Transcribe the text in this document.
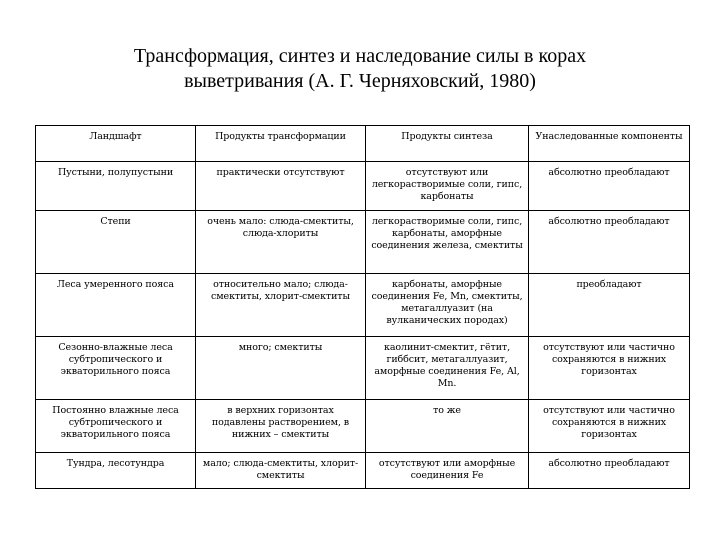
Трансформация, синтез и наследование силы в корах
выветривания (А. Г. Черняховский, 1980)
Ландшафт	Продукты трансформации	Продукты синтеза	Унаследованные компоненты
Пустыни, полупустыни	практически отсутствуют	отсутствуют или легкорастворимые соли, гипс, карбонаты	абсолютно преобладают
Степи	очень мало: слюда-смектиты, слюда-хлориты	легкорастворимые соли, гипс, карбонаты, аморфные соединения железа, смектиты	абсолютно преобладают
Леса умеренного пояса	относительно мало; слюда-смектиты, хлорит-смектиты	карбонаты, аморфные соединения Fe, Mn, смектиты, метагаллуазит (на вулканических породах)	преобладают
Сезонно-влажные леса субтропического и экваторильного пояса	много; смектиты	каолинит-смектит, гётит, гиббсит, метагаллуазит, аморфные соединения Fe, Al, Mn.	отсутствуют или частично сохраняются в нижних горизонтах
Постоянно влажные леса субтропического и экваторильного пояса	в верхних горизонтах подавлены растворением, в нижних – смектиты	то же	отсутствуют или частично сохраняются в нижних горизонтах
Тундра, лесотундра	мало; слюда-смектиты, хлорит-смектиты	отсутствуют или аморфные соединения Fe	абсолютно преобладают
